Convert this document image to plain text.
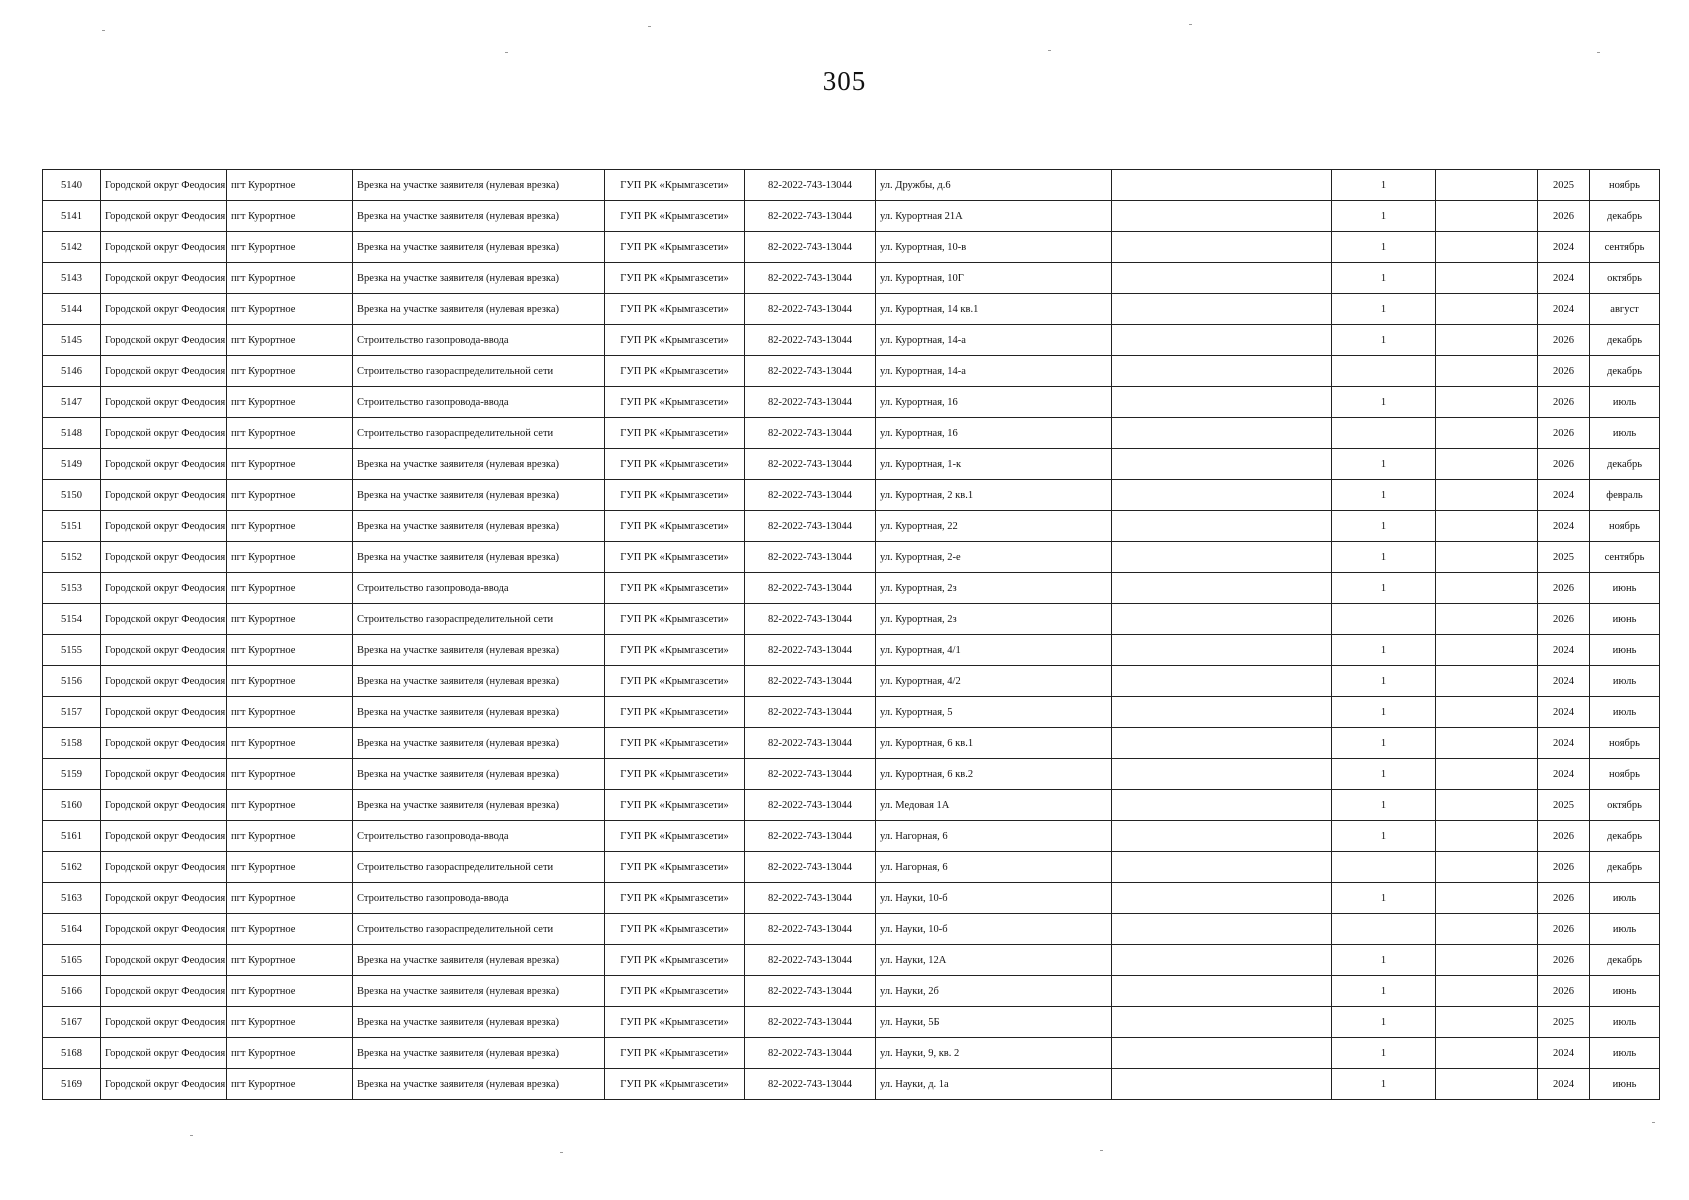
305
5140	Городской округ Феодосия	пгт Курортное	Врезка на участке заявителя (нулевая врезка)	ГУП РК «Крымгазсети»	82-2022-743-13044	ул. Дружбы, д.6		1		2025	ноябрь
5141	Городской округ Феодосия	пгт Курортное	Врезка на участке заявителя (нулевая врезка)	ГУП РК «Крымгазсети»	82-2022-743-13044	ул. Курортная 21А		1		2026	декабрь
5142	Городской округ Феодосия	пгт Курортное	Врезка на участке заявителя (нулевая врезка)	ГУП РК «Крымгазсети»	82-2022-743-13044	ул. Курортная, 10-в		1		2024	сентябрь
5143	Городской округ Феодосия	пгт Курортное	Врезка на участке заявителя (нулевая врезка)	ГУП РК «Крымгазсети»	82-2022-743-13044	ул. Курортная, 10Г		1		2024	октябрь
5144	Городской округ Феодосия	пгт Курортное	Врезка на участке заявителя (нулевая врезка)	ГУП РК «Крымгазсети»	82-2022-743-13044	ул. Курортная, 14 кв.1		1		2024	август
5145	Городской округ Феодосия	пгт Курортное	Строительство газопровода-ввода	ГУП РК «Крымгазсети»	82-2022-743-13044	ул. Курортная, 14-а		1		2026	декабрь
5146	Городской округ Феодосия	пгт Курортное	Строительство газораспределительной сети	ГУП РК «Крымгазсети»	82-2022-743-13044	ул. Курортная, 14-а				2026	декабрь
5147	Городской округ Феодосия	пгт Курортное	Строительство газопровода-ввода	ГУП РК «Крымгазсети»	82-2022-743-13044	ул. Курортная, 16		1		2026	июль
5148	Городской округ Феодосия	пгт Курортное	Строительство газораспределительной сети	ГУП РК «Крымгазсети»	82-2022-743-13044	ул. Курортная, 16				2026	июль
5149	Городской округ Феодосия	пгт Курортное	Врезка на участке заявителя (нулевая врезка)	ГУП РК «Крымгазсети»	82-2022-743-13044	ул. Курортная, 1-к		1		2026	декабрь
5150	Городской округ Феодосия	пгт Курортное	Врезка на участке заявителя (нулевая врезка)	ГУП РК «Крымгазсети»	82-2022-743-13044	ул. Курортная, 2 кв.1		1		2024	февраль
5151	Городской округ Феодосия	пгт Курортное	Врезка на участке заявителя (нулевая врезка)	ГУП РК «Крымгазсети»	82-2022-743-13044	ул. Курортная, 22		1		2024	ноябрь
5152	Городской округ Феодосия	пгт Курортное	Врезка на участке заявителя (нулевая врезка)	ГУП РК «Крымгазсети»	82-2022-743-13044	ул. Курортная, 2-е		1		2025	сентябрь
5153	Городской округ Феодосия	пгт Курортное	Строительство газопровода-ввода	ГУП РК «Крымгазсети»	82-2022-743-13044	ул. Курортная, 2з		1		2026	июнь
5154	Городской округ Феодосия	пгт Курортное	Строительство газораспределительной сети	ГУП РК «Крымгазсети»	82-2022-743-13044	ул. Курортная, 2з				2026	июнь
5155	Городской округ Феодосия	пгт Курортное	Врезка на участке заявителя (нулевая врезка)	ГУП РК «Крымгазсети»	82-2022-743-13044	ул. Курортная, 4/1		1		2024	июнь
5156	Городской округ Феодосия	пгт Курортное	Врезка на участке заявителя (нулевая врезка)	ГУП РК «Крымгазсети»	82-2022-743-13044	ул. Курортная, 4/2		1		2024	июль
5157	Городской округ Феодосия	пгт Курортное	Врезка на участке заявителя (нулевая врезка)	ГУП РК «Крымгазсети»	82-2022-743-13044	ул. Курортная, 5		1		2024	июль
5158	Городской округ Феодосия	пгт Курортное	Врезка на участке заявителя (нулевая врезка)	ГУП РК «Крымгазсети»	82-2022-743-13044	ул. Курортная, 6 кв.1		1		2024	ноябрь
5159	Городской округ Феодосия	пгт Курортное	Врезка на участке заявителя (нулевая врезка)	ГУП РК «Крымгазсети»	82-2022-743-13044	ул. Курортная, 6 кв.2		1		2024	ноябрь
5160	Городской округ Феодосия	пгт Курортное	Врезка на участке заявителя (нулевая врезка)	ГУП РК «Крымгазсети»	82-2022-743-13044	ул. Медовая 1А		1		2025	октябрь
5161	Городской округ Феодосия	пгт Курортное	Строительство газопровода-ввода	ГУП РК «Крымгазсети»	82-2022-743-13044	ул. Нагорная, 6		1		2026	декабрь
5162	Городской округ Феодосия	пгт Курортное	Строительство газораспределительной сети	ГУП РК «Крымгазсети»	82-2022-743-13044	ул. Нагорная, 6				2026	декабрь
5163	Городской округ Феодосия	пгт Курортное	Строительство газопровода-ввода	ГУП РК «Крымгазсети»	82-2022-743-13044	ул. Науки, 10-б		1		2026	июль
5164	Городской округ Феодосия	пгт Курортное	Строительство газораспределительной сети	ГУП РК «Крымгазсети»	82-2022-743-13044	ул. Науки, 10-б				2026	июль
5165	Городской округ Феодосия	пгт Курортное	Врезка на участке заявителя (нулевая врезка)	ГУП РК «Крымгазсети»	82-2022-743-13044	ул. Науки, 12А		1		2026	декабрь
5166	Городской округ Феодосия	пгт Курортное	Врезка на участке заявителя (нулевая врезка)	ГУП РК «Крымгазсети»	82-2022-743-13044	ул. Науки, 2б		1		2026	июнь
5167	Городской округ Феодосия	пгт Курортное	Врезка на участке заявителя (нулевая врезка)	ГУП РК «Крымгазсети»	82-2022-743-13044	ул. Науки, 5Б		1		2025	июль
5168	Городской округ Феодосия	пгт Курортное	Врезка на участке заявителя (нулевая врезка)	ГУП РК «Крымгазсети»	82-2022-743-13044	ул. Науки, 9, кв. 2		1		2024	июль
5169	Городской округ Феодосия	пгт Курортное	Врезка на участке заявителя (нулевая врезка)	ГУП РК «Крымгазсети»	82-2022-743-13044	ул. Науки, д. 1а		1		2024	июнь
